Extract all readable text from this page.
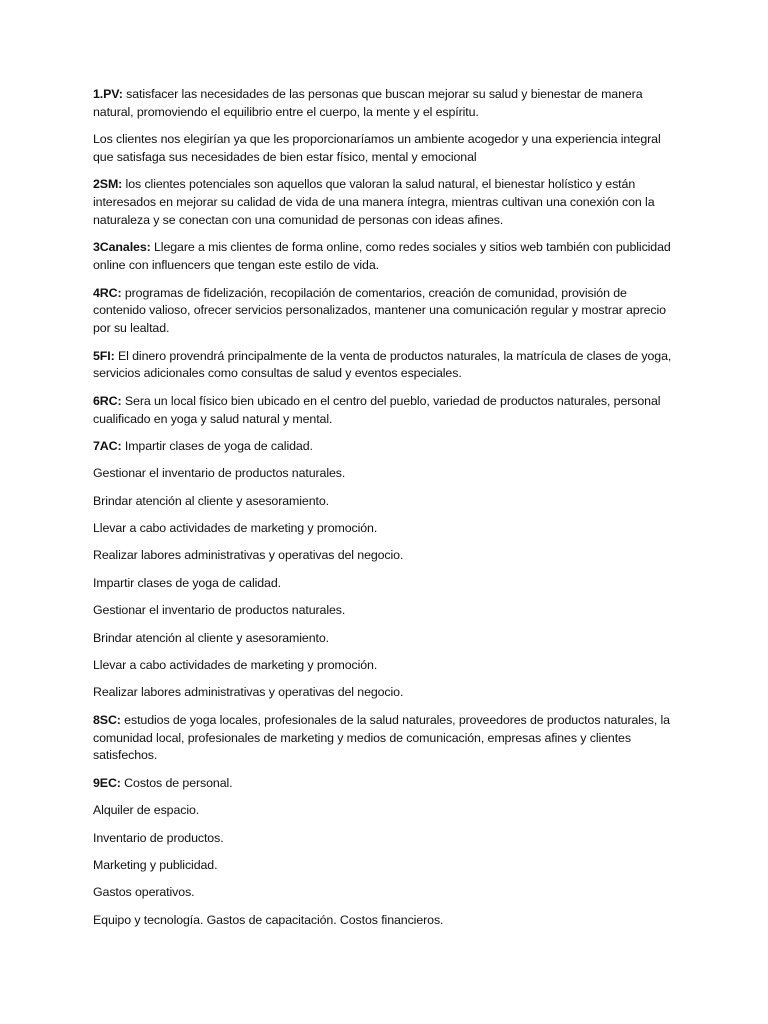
1.PV: satisfacer las necesidades de las personas que buscan mejorar su salud y bienestar de manera natural, promoviendo el equilibrio entre el cuerpo, la mente y el espíritu.

Los clientes nos elegirían ya que les proporcionaríamos un ambiente acogedor y una experiencia integral que satisfaga sus necesidades de bien estar físico, mental y emocional

2SM: los clientes potenciales son aquellos que valoran la salud natural, el bienestar holístico y están interesados en mejorar su calidad de vida de una manera íntegra, mientras cultivan una conexión con la naturaleza y se conectan con una comunidad de personas con ideas afines.

3Canales: Llegare a mis clientes de forma online, como redes sociales y sitios web también con publicidad online con influencers que tengan este estilo de vida.

4RC: programas de fidelización, recopilación de comentarios, creación de comunidad, provisión de contenido valioso, ofrecer servicios personalizados, mantener una comunicación regular y mostrar aprecio por su lealtad.

5FI: El dinero provendrá principalmente de la venta de productos naturales, la matrícula de clases de yoga, servicios adicionales como consultas de salud y eventos especiales.

6RC: Sera un local físico bien ubicado en el centro del pueblo, variedad de productos naturales, personal cualificado en yoga y salud natural y mental.

7AC: Impartir clases de yoga de calidad.

Gestionar el inventario de productos naturales.

Brindar atención al cliente y asesoramiento.

Llevar a cabo actividades de marketing y promoción.

Realizar labores administrativas y operativas del negocio.

Impartir clases de yoga de calidad.

Gestionar el inventario de productos naturales.

Brindar atención al cliente y asesoramiento.

Llevar a cabo actividades de marketing y promoción.

Realizar labores administrativas y operativas del negocio.

8SC: estudios de yoga locales, profesionales de la salud naturales, proveedores de productos naturales, la comunidad local, profesionales de marketing y medios de comunicación, empresas afines y clientes satisfechos.

9EC: Costos de personal.

Alquiler de espacio.

Inventario de productos.

Marketing y publicidad.

Gastos operativos.

Equipo y tecnología. Gastos de capacitación. Costos financieros.
